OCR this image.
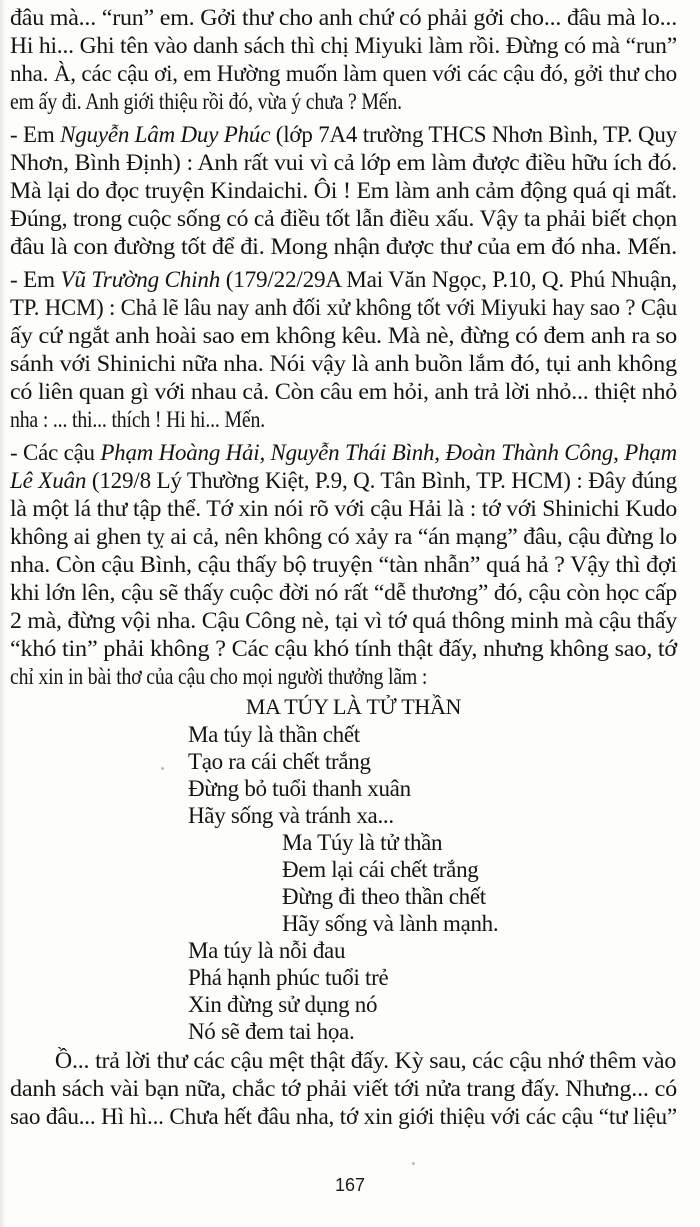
đâu mà... “run” em. Gởi thư cho anh chứ có phải gởi cho... đâu mà lo...
Hi hi... Ghi tên vào danh sách thì chị Miyuki làm rồi. Đừng có mà “run”
nha. À, các cậu ơi, em Hường muốn làm quen với các cậu đó, gởi thư cho
em ấy đi. Anh giới thiệu rồi đó, vừa ý chưa ? Mến.
- Em Nguyễn Lâm Duy Phúc (lớp 7A4 trường THCS Nhơn Bình, TP. Quy
Nhơn, Bình Định) : Anh rất vui vì cả lớp em làm được điều hữu ích đó.
Mà lại do đọc truyện Kindaichi. Ôi ! Em làm anh cảm động quá qi mất.
Đúng, trong cuộc sống có cả điều tốt lẫn điều xấu. Vậy ta phải biết chọn
đâu là con đường tốt để đi. Mong nhận được thư của em đó nha. Mến.
- Em Vũ Trường Chinh (179/22/29A Mai Văn Ngọc, P.10, Q. Phú Nhuận,
TP. HCM) : Chả lẽ lâu nay anh đối xử không tốt với Miyuki hay sao ? Cậu
ấy cứ ngắt anh hoài sao em không kêu. Mà nè, đừng có đem anh ra so
sánh với Shinichi nữa nha. Nói vậy là anh buồn lắm đó, tụi anh không
có liên quan gì với nhau cả. Còn câu em hỏi, anh trả lời nhỏ... thiệt nhỏ
nha : ... thi... thích ! Hi hi... Mến.
- Các cậu Phạm Hoàng Hải, Nguyễn Thái Bình, Đoàn Thành Công, Phạm
Lê Xuân (129/8 Lý Thường Kiệt, P.9, Q. Tân Bình, TP. HCM) : Đây đúng
là một lá thư tập thể. Tớ xin nói rõ với cậu Hải là : tớ với Shinichi Kudo
không ai ghen tỵ ai cả, nên không có xảy ra “án mạng” đâu, cậu đừng lo
nha. Còn cậu Bình, cậu thấy bộ truyện “tàn nhẫn” quá hả ? Vậy thì đợi
khi lớn lên, cậu sẽ thấy cuộc đời nó rất “dễ thương” đó, cậu còn học cấp
2 mà, đừng vội nha. Cậu Công nè, tại vì tớ quá thông minh mà cậu thấy
“khó tin” phải không ? Các cậu khó tính thật đấy, nhưng không sao, tớ
chỉ xin in bài thơ của cậu cho mọi người thưởng lãm :
MA TÚY LÀ TỬ THẦN
Ma túy là thần chết
Tạo ra cái chết trắng
Đừng bỏ tuổi thanh xuân
Hãy sống và tránh xa...
Ma Túy là tử thần
Đem lại cái chết trắng
Đừng đi theo thần chết
Hãy sống và lành mạnh.
Ma túy là nỗi đau
Phá hạnh phúc tuổi trẻ
Xin đừng sử dụng nó
Nó sẽ đem tai họa.
Ồ... trả lời thư các cậu mệt thật đấy. Kỳ sau, các cậu nhớ thêm vào
danh sách vài bạn nữa, chắc tớ phải viết tới nửa trang đấy. Nhưng... có
sao đâu... Hì hì... Chưa hết đâu nha, tớ xin giới thiệu với các cậu “tư liệu”
167
